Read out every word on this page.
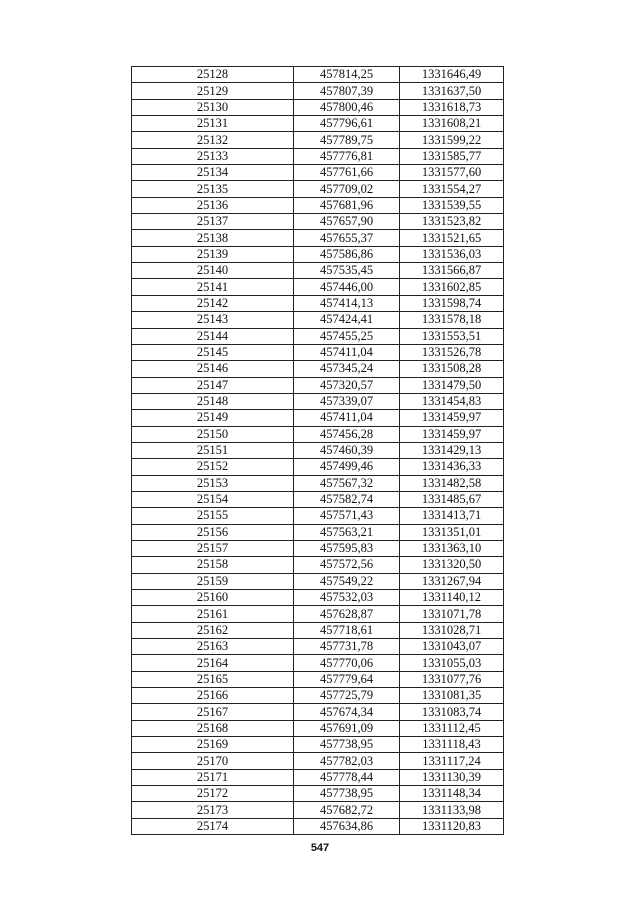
25128	457814,25	1331646,49
25129	457807,39	1331637,50
25130	457800,46	1331618,73
25131	457796,61	1331608,21
25132	457789,75	1331599,22
25133	457776,81	1331585,77
25134	457761,66	1331577,60
25135	457709,02	1331554,27
25136	457681,96	1331539,55
25137	457657,90	1331523,82
25138	457655,37	1331521,65
25139	457586,86	1331536,03
25140	457535,45	1331566,87
25141	457446,00	1331602,85
25142	457414,13	1331598,74
25143	457424,41	1331578,18
25144	457455,25	1331553,51
25145	457411,04	1331526,78
25146	457345,24	1331508,28
25147	457320,57	1331479,50
25148	457339,07	1331454,83
25149	457411,04	1331459,97
25150	457456,28	1331459,97
25151	457460,39	1331429,13
25152	457499,46	1331436,33
25153	457567,32	1331482,58
25154	457582,74	1331485,67
25155	457571,43	1331413,71
25156	457563,21	1331351,01
25157	457595,83	1331363,10
25158	457572,56	1331320,50
25159	457549,22	1331267,94
25160	457532,03	1331140,12
25161	457628,87	1331071,78
25162	457718,61	1331028,71
25163	457731,78	1331043,07
25164	457770,06	1331055,03
25165	457779,64	1331077,76
25166	457725,79	1331081,35
25167	457674,34	1331083,74
25168	457691,09	1331112,45
25169	457738,95	1331118,43
25170	457782,03	1331117,24
25171	457778,44	1331130,39
25172	457738,95	1331148,34
25173	457682,72	1331133,98
25174	457634,86	1331120,83
547
